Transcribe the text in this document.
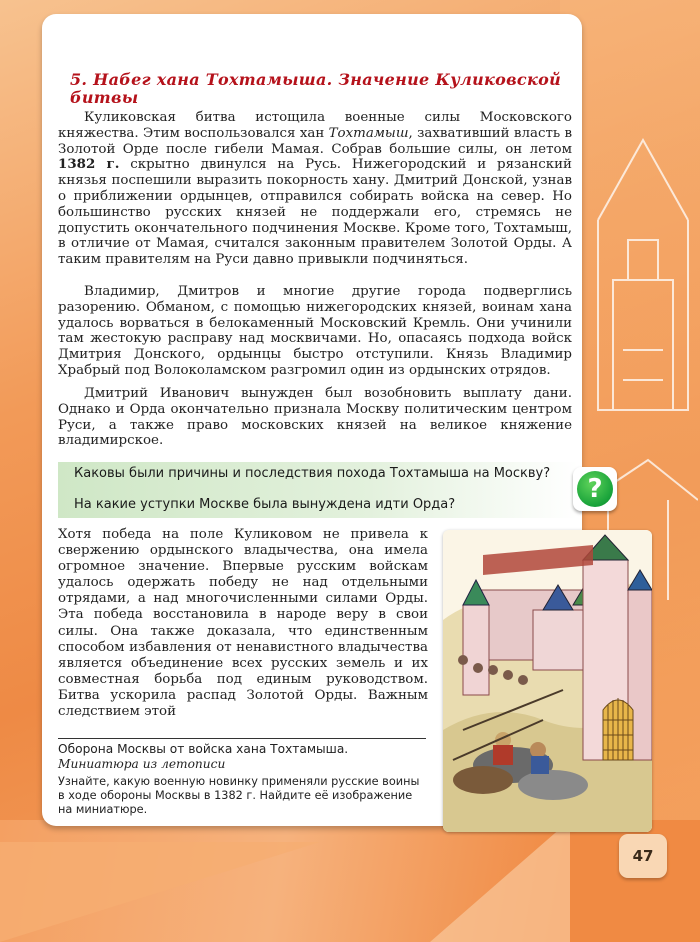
5. Набег хана Тохтамыша. Значение Куликовской
битвы

Куликовская битва истощила военные силы Московского княжества. Этим воспользовался хан Тохтамыш, захвативший власть в Золотой Орде после гибели Мамая. Собрав большие силы, он летом 1382 г. скрытно двинулся на Русь. Нижегородский и рязанский князья поспешили выразить покорность хану. Дмитрий Донской, узнав о приближении ордынцев, отправился собирать войска на север. Но большинство русских князей не поддержали его, стремясь не допустить окончательного подчинения Москве. Кроме того, Тохтамыш, в отличие от Мамая, считался законным правителем Золотой Орды. А таким правителям на Руси давно привыкли подчиняться.

Владимир, Дмитров и многие другие города подверглись разорению. Обманом, с помощью нижегородских князей, воинам хана удалось ворваться в белокаменный Московский Кремль. Они учинили там жестокую расправу над москвичами. Но, опасаясь подхода войск Дмитрия Донского, ордынцы быстро отступили. Князь Владимир Храбрый под Волоколамском разгромил один из ордынских отрядов.

Дмитрий Иванович вынужден был возобновить выплату дани. Однако и Орда окончательно признала Москву политическим центром Руси, а также право московских князей на великое княжение владимирское.

Каковы были причины и последствия похода Тохтамыша на Москву?
На какие уступки Москве была вынуждена идти Орда?
?

Хотя победа на поле Куликовом не привела к свержению ордынского владычества, она имела огромное значение. Впервые русским войскам удалось одержать победу не над отдельными отрядами, а над многочисленными силами Орды. Эта победа восстановила в народе веру в свои силы. Она также доказала, что единственным способом избавления от ненавистного владычества является объединение всех русских земель и их совместная борьба под единым руководством. Битва ускорила распад Золотой Орды. Важным следствием этой

Оборона Москвы от войска хана Тохтамыша.
Миниатюра из летописи
Узнайте, какую военную новинку применяли русские воины в ходе обороны Москвы в 1382 г. Найдите её изображение на миниатюре.
47
